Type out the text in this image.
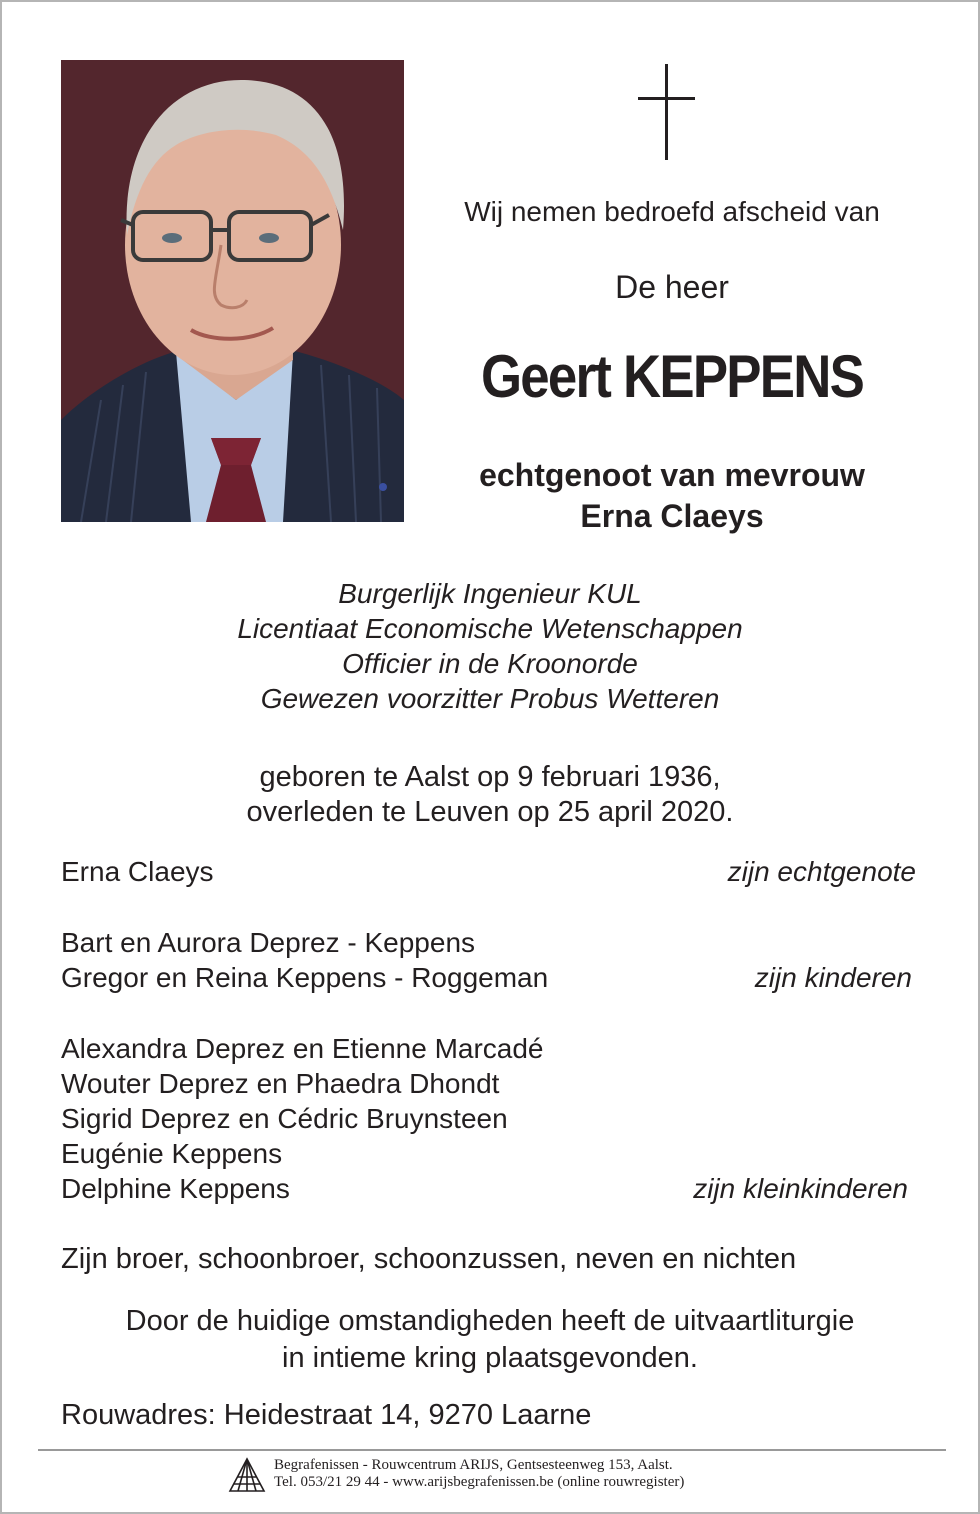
Wij nemen bedroefd afscheid van
De heer
Geert KEPPENS
echtgenoot van mevrouw
Erna Claeys
Burgerlijk Ingenieur KUL
Licentiaat Economische Wetenschappen
Officier in de Kroonorde
Gewezen voorzitter Probus Wetteren
geboren te Aalst op 9 februari 1936,
overleden te Leuven op 25 april 2020.
Erna Claeys	zijn echtgenote
Bart en Aurora Deprez - Keppens
Gregor en Reina Keppens - Roggeman	zijn kinderen
Alexandra Deprez en Etienne Marcadé
Wouter Deprez en Phaedra Dhondt
Sigrid Deprez en Cédric Bruynsteen
Eugénie Keppens
Delphine Keppens	zijn kleinkinderen
Zijn broer, schoonbroer, schoonzussen, neven en nichten
Door de huidige omstandigheden heeft de uitvaartliturgie
in intieme kring plaatsgevonden.
Rouwadres: Heidestraat 14, 9270 Laarne
Begrafenissen - Rouwcentrum ARIJS, Gentsesteenweg 153, Aalst.
Tel. 053/21 29 44 - www.arijsbegrafenissen.be (online rouwregister)
